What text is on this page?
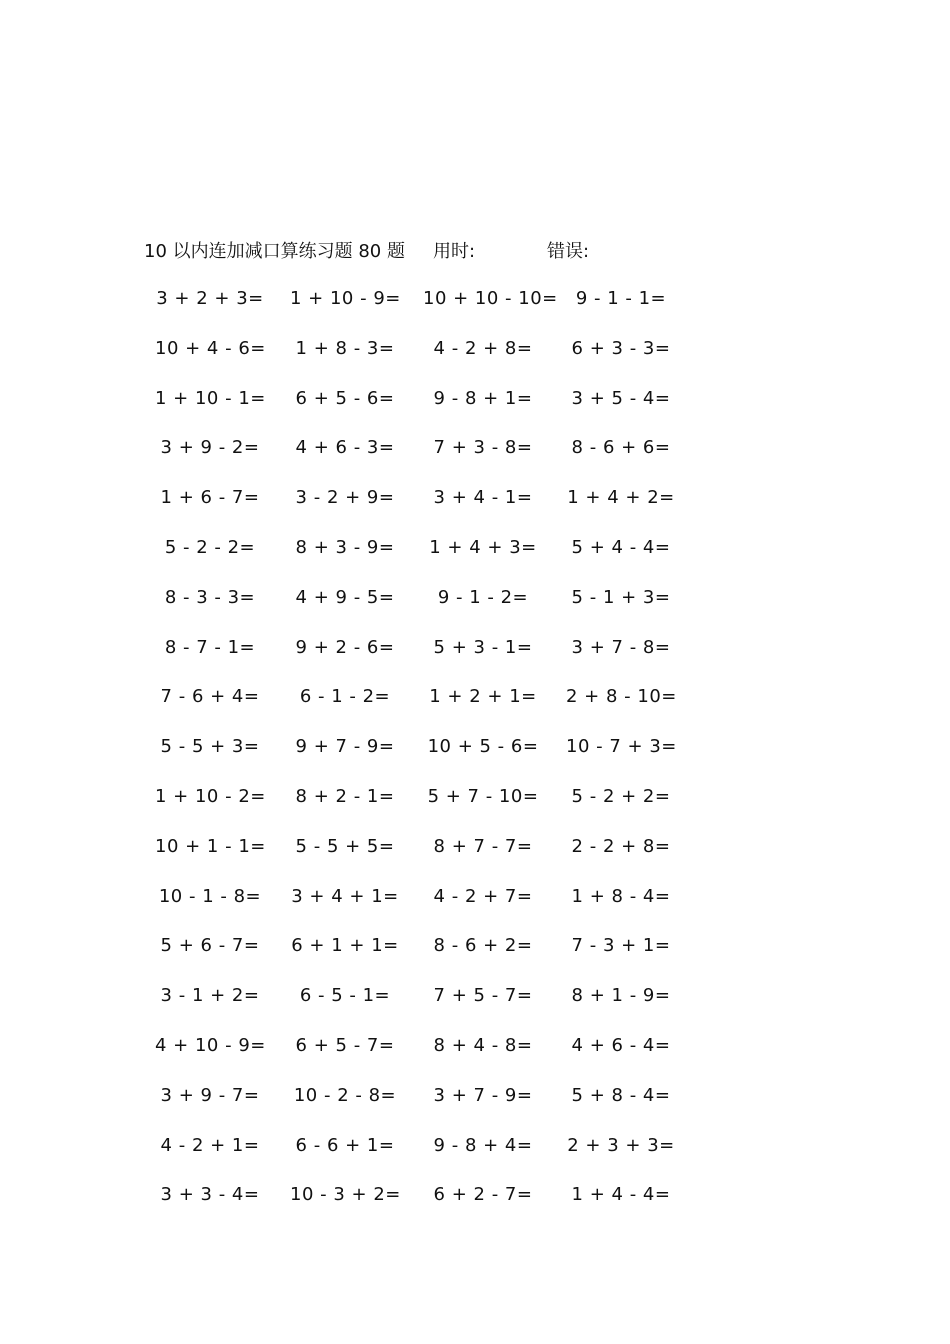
10 以内连加减口算练习题 80 题 用时:	错误:
3 + 2 + 3= 1 + 10 - 9= 10 + 10 - 10=	9 - 1 - 1=
10 + 4 - 6=	1 + 8 - 3=	4 - 2 + 8=	6 + 3 - 3=
1 + 10 - 1=	6 + 5 - 6=	9 - 8 + 1=	3 + 5 - 4=
3 + 9 - 2=	4 + 6 - 3=	7 + 3 - 8=	8 - 6 + 6=
1 + 6 - 7=	3 - 2 + 9=	3 + 4 - 1=	1 + 4 + 2=
5 - 2 - 2=	8 + 3 - 9=	1 + 4 + 3=	5 + 4 - 4=
8 - 3 - 3=	4 + 9 - 5=	9 - 1 - 2=	5 - 1 + 3=
8 - 7 - 1=	9 + 2 - 6=	5 + 3 - 1=	3 + 7 - 8=
7 - 6 + 4=	6 - 1 - 2=	1 + 2 + 1=	2 + 8 - 10=
5 - 5 + 3=	9 + 7 - 9=	10 + 5 - 6= 10 - 7 + 3=
1 + 10 - 2=	8 + 2 - 1=	5 + 7 - 10=	5 - 2 + 2=
10 + 1 - 1=	5 - 5 + 5=	8 + 7 - 7=	2 - 2 + 8=
10 - 1 - 8= 3 + 4 + 1=	4 - 2 + 7=	1 + 8 - 4=
5 + 6 - 7=	6 + 1 + 1=	8 - 6 + 2=	7 - 3 + 1=
3 - 1 + 2=	6 - 5 - 1=	7 + 5 - 7=	8 + 1 - 9=
4 + 10 - 9=	6 + 5 - 7=	8 + 4 - 8=	4 + 6 - 4=
3 + 9 - 7=	10 - 2 - 8=	3 + 7 - 9=	5 + 8 - 4=
4 - 2 + 1=	6 - 6 + 1=	9 - 8 + 4=	2 + 3 + 3=
3 + 3 - 4=	10 - 3 + 2=	6 + 2 - 7=	1 + 4 - 4=
